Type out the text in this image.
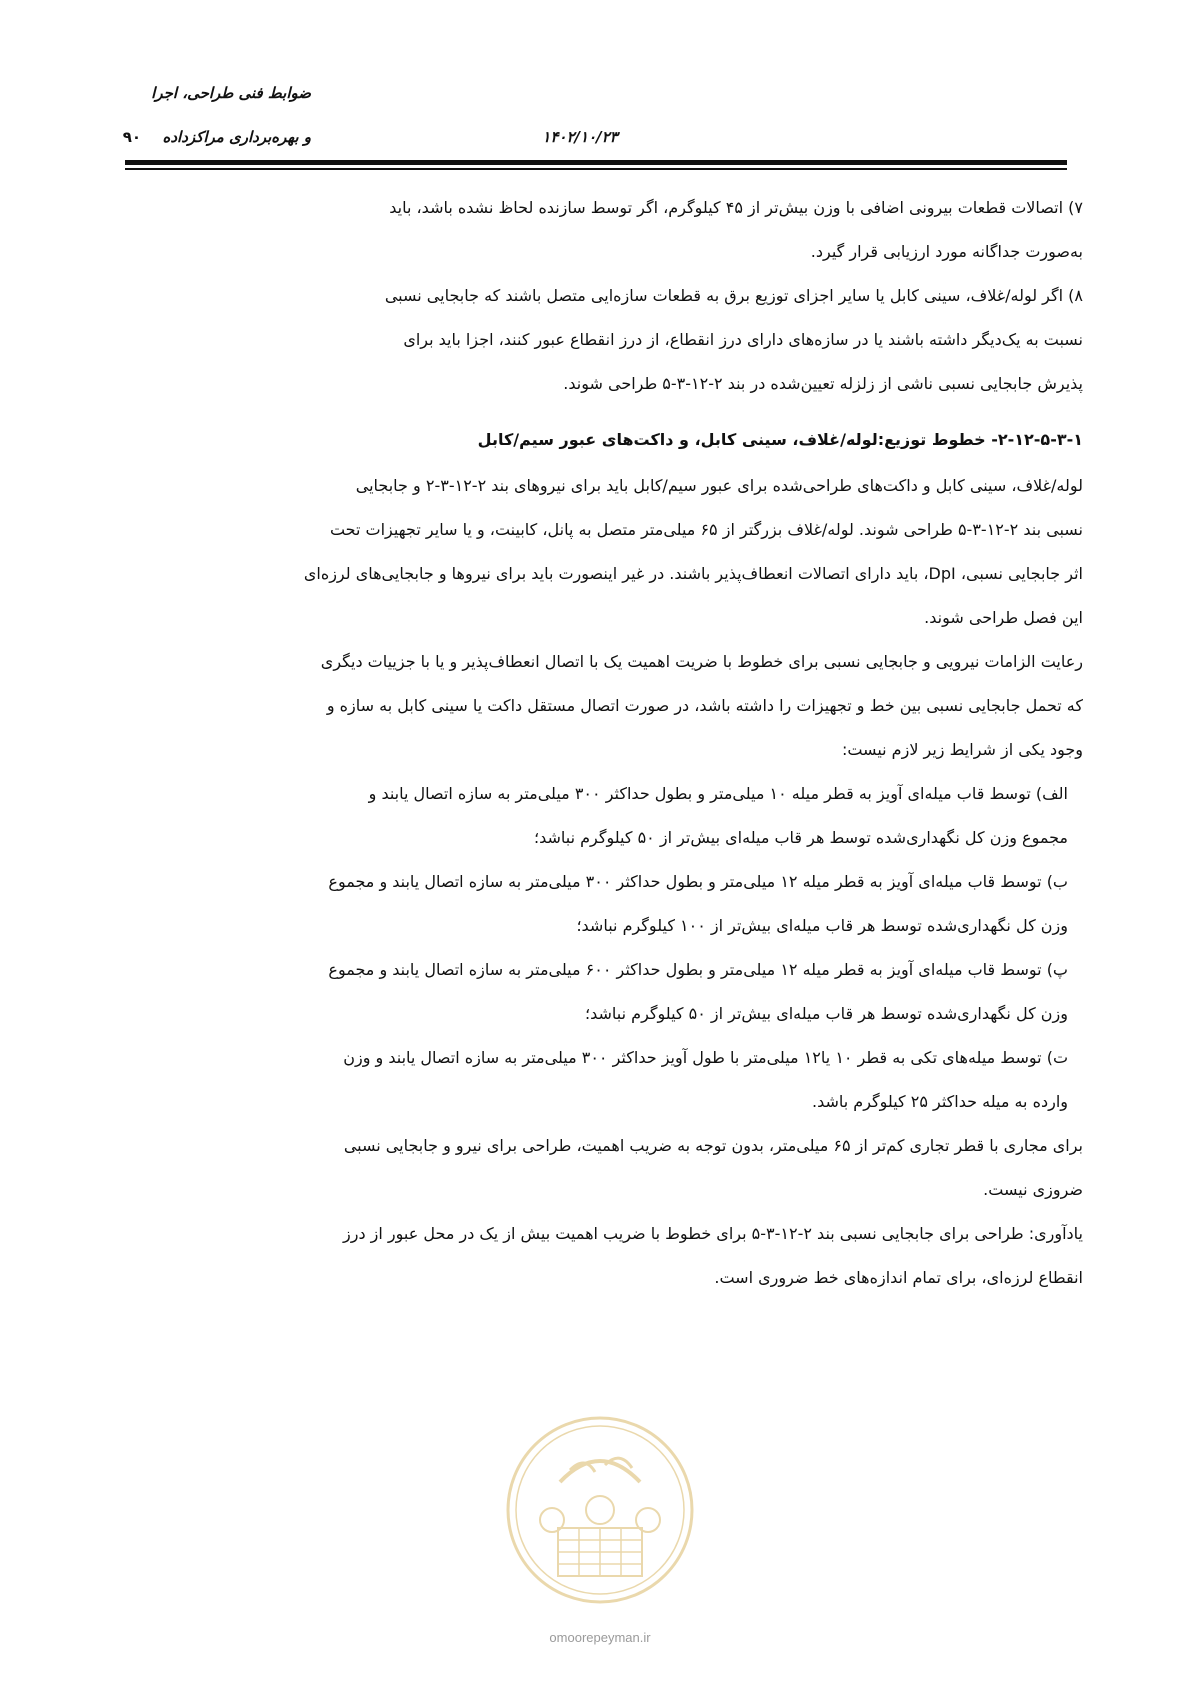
ضوابط فنی طراحی، اجرا
و بهره‌برداری مراکزداده	۱۴۰۲/۱۰/۲۳
۹۰

۷) اتصالات قطعات بیرونی اضافی با وزن بیش‌تر از ۴۵ کیلوگرم، اگر توسط سازنده لحاظ نشده باشد، باید
به‌صورت جداگانه مورد ارزیابی قرار گیرد.

۸) اگر لوله/غلاف، سینی کابل یا سایر اجزای توزیع برق به قطعات سازه‌ایی متصل باشند که جابجایی نسبی
نسبت به یک‌دیگر داشته باشند یا در سازه‌های دارای درز انقطاع، از درز انقطاع عبور کنند، اجزا باید برای
پذیرش جابجایی نسبی ناشی از زلزله تعیین‌شده در بند ۲-۱۲-۳-۵ طراحی شوند.

۲-۱۲-۵-۳-۱- خطوط توزیع:لوله/غلاف، سینی کابل، و داکت‌های عبور سیم/کابل

لوله/غلاف، سینی کابل و داکت‌های طراحی‌شده برای عبور سیم/کابل باید برای نیروهای بند ۲-۱۲-۳-۲ و جابجایی
نسبی بند ۲-۱۲-۳-۵ طراحی شوند. لوله/غلاف بزرگتر از ۶۵ میلی‌متر متصل به پانل، کابینت، و یا سایر تجهیزات تحت
اثر جابجایی نسبی، DpI، باید دارای اتصالات انعطاف‌پذیر باشند. در غیر اینصورت باید برای نیروها و جابجایی‌های لرزه‌ای
این فصل طراحی شوند.

رعایت الزامات نیرویی و جابجایی نسبی برای خطوط با ضریت اهمیت یک با اتصال انعطاف‌پذیر و یا با جزییات دیگری
که تحمل جابجایی نسبی بین خط و تجهیزات را داشته باشد، در صورت اتصال مستقل داکت یا سینی کابل به سازه و
وجود یکی از شرایط زیر لازم نیست:

الف) توسط قاب میله‌ای آویز به قطر میله ۱۰ میلی‌متر و بطول حداکثر ۳۰۰ میلی‌متر به سازه اتصال یابند و
مجموع وزن کل نگهداری‌شده توسط هر قاب میله‌ای بیش‌تر از ۵۰ کیلوگرم نباشد؛

ب) توسط قاب میله‌ای آویز به قطر میله ۱۲ میلی‌متر و بطول حداکثر ۳۰۰ میلی‌متر به سازه اتصال یابند و مجموع
وزن کل نگهداری‌شده توسط هر قاب میله‌ای بیش‌تر از ۱۰۰ کیلوگرم نباشد؛

پ) توسط قاب میله‌ای آویز به قطر میله ۱۲ میلی‌متر و بطول حداکثر ۶۰۰ میلی‌متر به سازه اتصال یابند و مجموع
وزن کل نگهداری‌شده توسط هر قاب میله‌ای بیش‌تر از ۵۰ کیلوگرم نباشد؛

ت) توسط میله‌های تکی به قطر ۱۰ یا۱۲ میلی‌متر با طول آویز حداکثر ۳۰۰ میلی‌متر به سازه اتصال یابند و وزن
وارده به میله حداکثر ۲۵ کیلوگرم باشد.

برای مجاری با قطر تجاری کم‌تر از ۶۵ میلی‌متر، بدون توجه به ضریب اهمیت، طراحی برای نیرو و جابجایی نسبی
ضروزی نیست.

یادآوری: طراحی برای جابجایی نسبی بند ۲-۱۲-۳-۵ برای خطوط با ضریب اهمیت بیش از یک در محل عبور از درز
انقطاع لرزه‌ای، برای تمام اندازه‌های خط ضروری است.

omoorepeyman.ir
